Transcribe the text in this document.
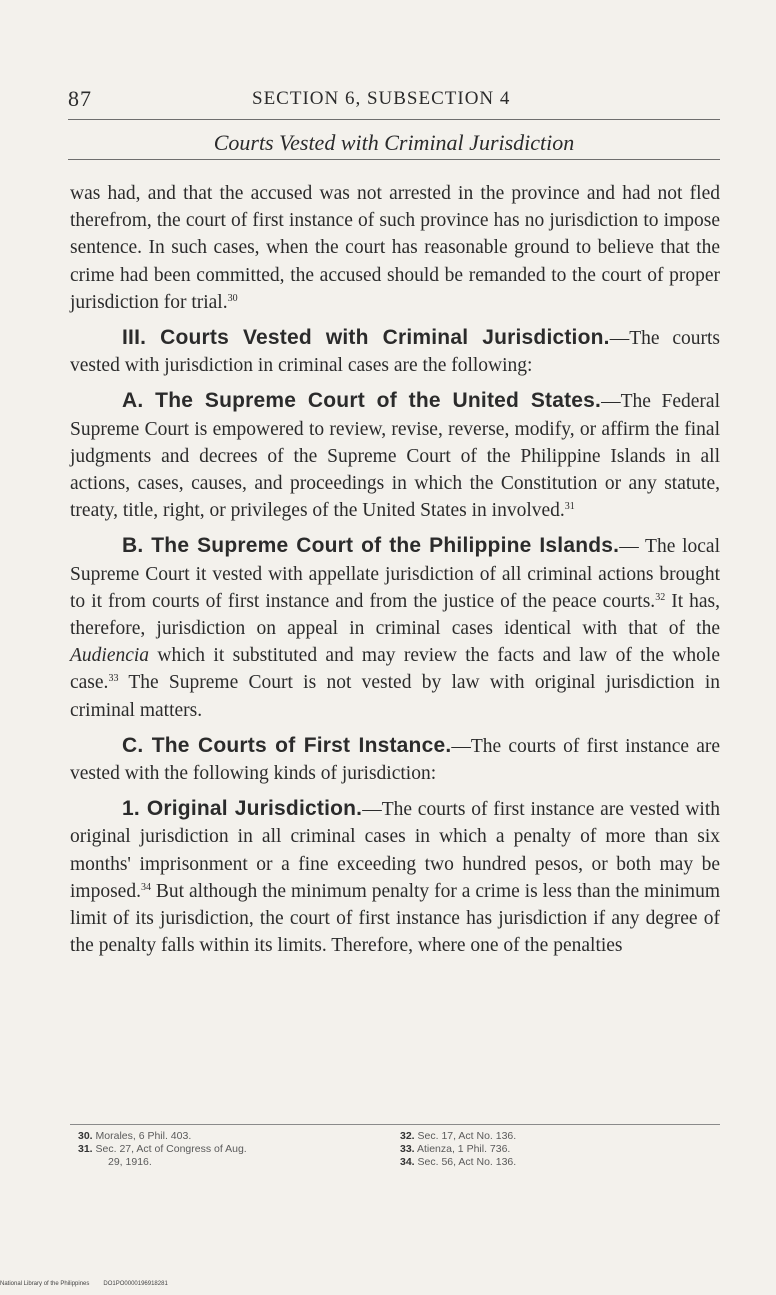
87	SECTION 6, SUBSECTION 4
Courts Vested with Criminal Jurisdiction

was had, and that the accused was not arrested in the province and had not fled therefrom, the court of first instance of such province has no jurisdiction to impose sentence. In such cases, when the court has reasonable ground to believe that the crime had been committed, the accused should be remanded to the court of proper jurisdiction for trial.$^{30}$

III. Courts Vested with Criminal Jurisdiction.—The courts vested with jurisdiction in criminal cases are the following:

A. The Supreme Court of the United States.—The Federal Supreme Court is empowered to review, revise, reverse, modify, or affirm the final judgments and decrees of the Supreme Court of the Philippine Islands in all actions, cases, causes, and proceedings in which the Constitution or any statute, treaty, title, right, or privileges of the United States in involved.$^{31}$

B. The Supreme Court of the Philippine Islands.— The local Supreme Court it vested with appellate jurisdiction of all criminal actions brought to it from courts of first instance and from the justice of the peace courts.$^{32}$ It has, therefore, jurisdiction on appeal in criminal cases identical with that of the Audiencia which it substituted and may review the facts and law of the whole case.$^{33}$ The Supreme Court is not vested by law with original jurisdiction in criminal matters.

C. The Courts of First Instance.—The courts of first instance are vested with the following kinds of jurisdiction:

1. Original Jurisdiction.—The courts of first instance are vested with original jurisdiction in all criminal cases in which a penalty of more than six months' imprisonment or a fine exceeding two hundred pesos, or both may be imposed.$^{34}$ But although the minimum penalty for a crime is less than the minimum limit of its jurisdiction, the court of first instance has jurisdiction if any degree of the penalty falls within its limits. Therefore, where one of the penalties

30. Morales, 6 Phil. 403.
31. Sec. 27, Act of Congress of Aug.
29, 1916.
32. Sec. 17, Act No. 136.
33. Atienza, 1 Phil. 736.
34. Sec. 56, Act No. 136.
National Library of the Philippines DO1PO0000196918281
